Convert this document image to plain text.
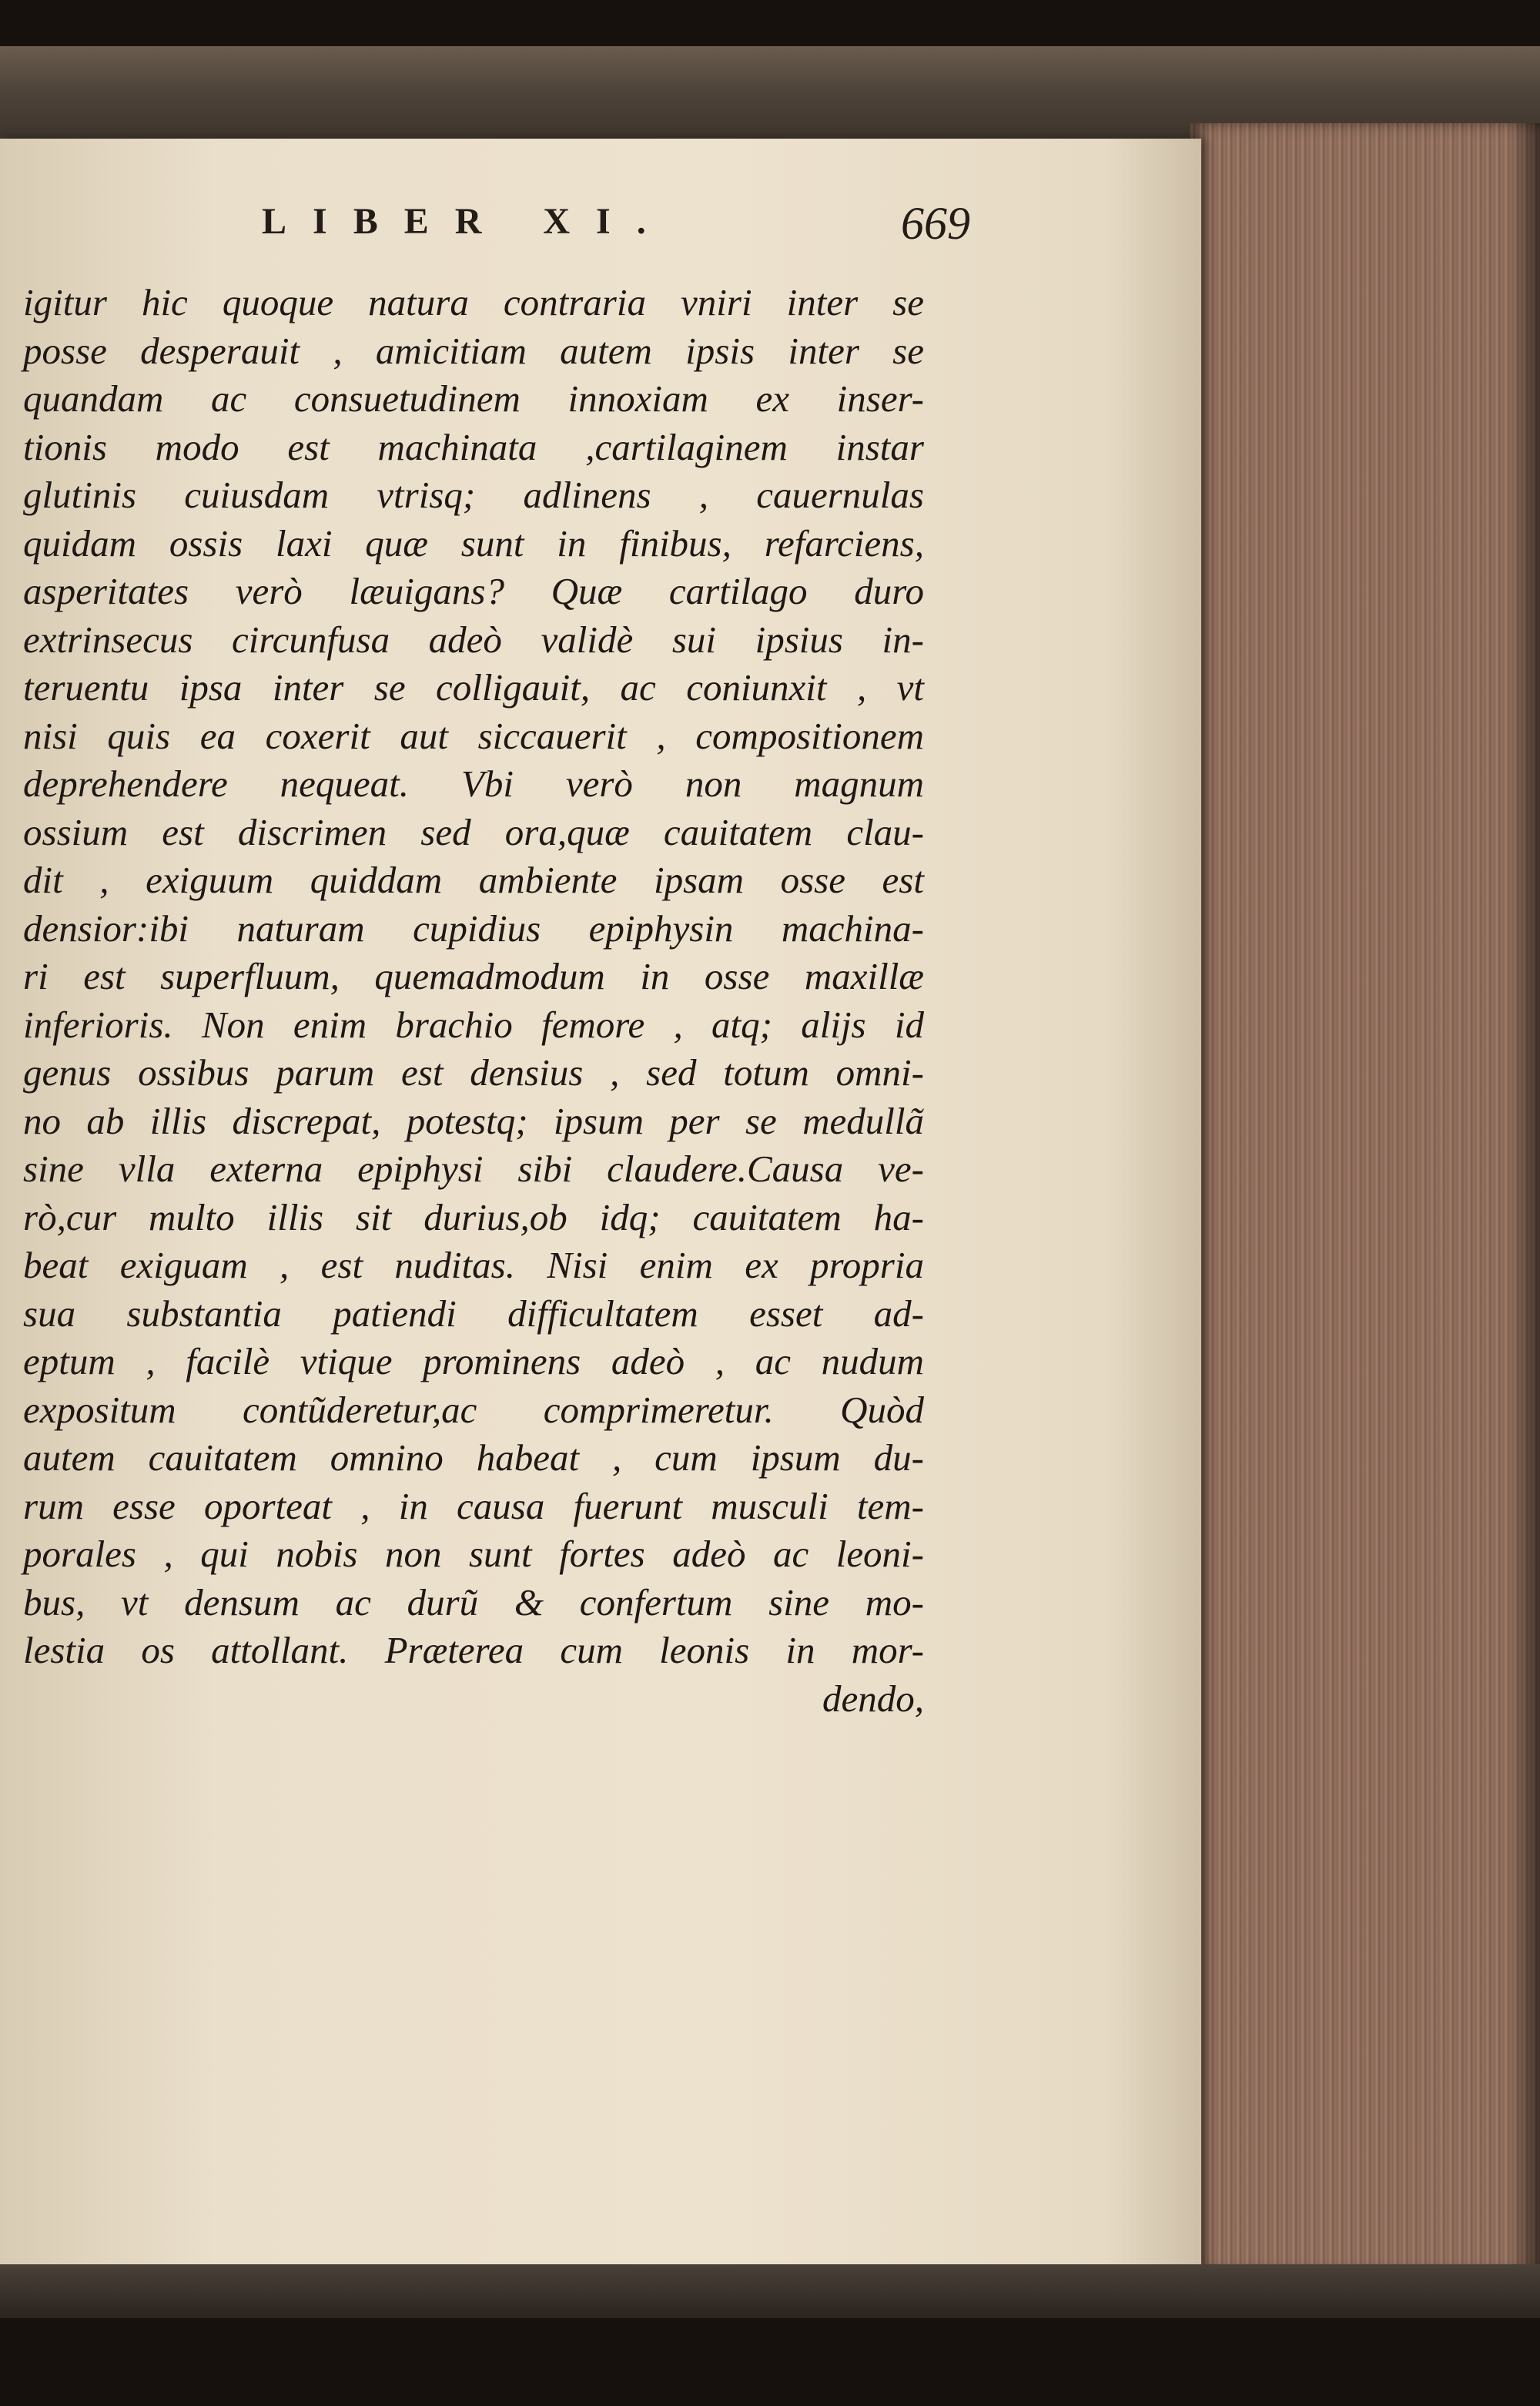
LIBER XI.	669
igitur hic quoque natura contraria vniri inter se
posse desperauit , amicitiam autem ipsis inter se
quandam ac consuetudinem innoxiam ex inser-
tionis modo est machinata ,cartilaginem instar
glutinis cuiusdam vtrisq; adlinens , cauernulas
quidam ossis laxi quæ sunt in finibus, refarciens,
asperitates verò læuigans? Quæ cartilago duro
extrinsecus circunfusa adeò validè sui ipsius in-
teruentu ipsa inter se colligauit, ac coniunxit , vt
nisi quis ea coxerit aut siccauerit , compositionem
deprehendere nequeat. Vbi verò non magnum
ossium est discrimen sed ora,quæ cauitatem clau-
dit , exiguum quiddam ambiente ipsam osse est
densior:ibi naturam cupidius epiphysin machina-
ri est superfluum, quemadmodum in osse maxillæ
inferioris. Non enim brachio femore , atq; alijs id
genus ossibus parum est densius , sed totum omni-
no ab illis discrepat, potestq; ipsum per se medullã
sine vlla externa epiphysi sibi claudere.Causa ve-
rò,cur multo illis sit durius,ob idq; cauitatem ha-
beat exiguam , est nuditas. Nisi enim ex propria
sua substantia patiendi difficultatem esset ad-
eptum , facilè vtique prominens adeò , ac nudum
expositum contũderetur,ac comprimeretur. Quòd
autem cauitatem omnino habeat , cum ipsum du-
rum esse oporteat , in causa fuerunt musculi tem-
porales , qui nobis non sunt fortes adeò ac leoni-
bus, vt densum ac durũ & confertum sine mo-
lestia os attollant. Præterea cum leonis in mor-
dendo,
